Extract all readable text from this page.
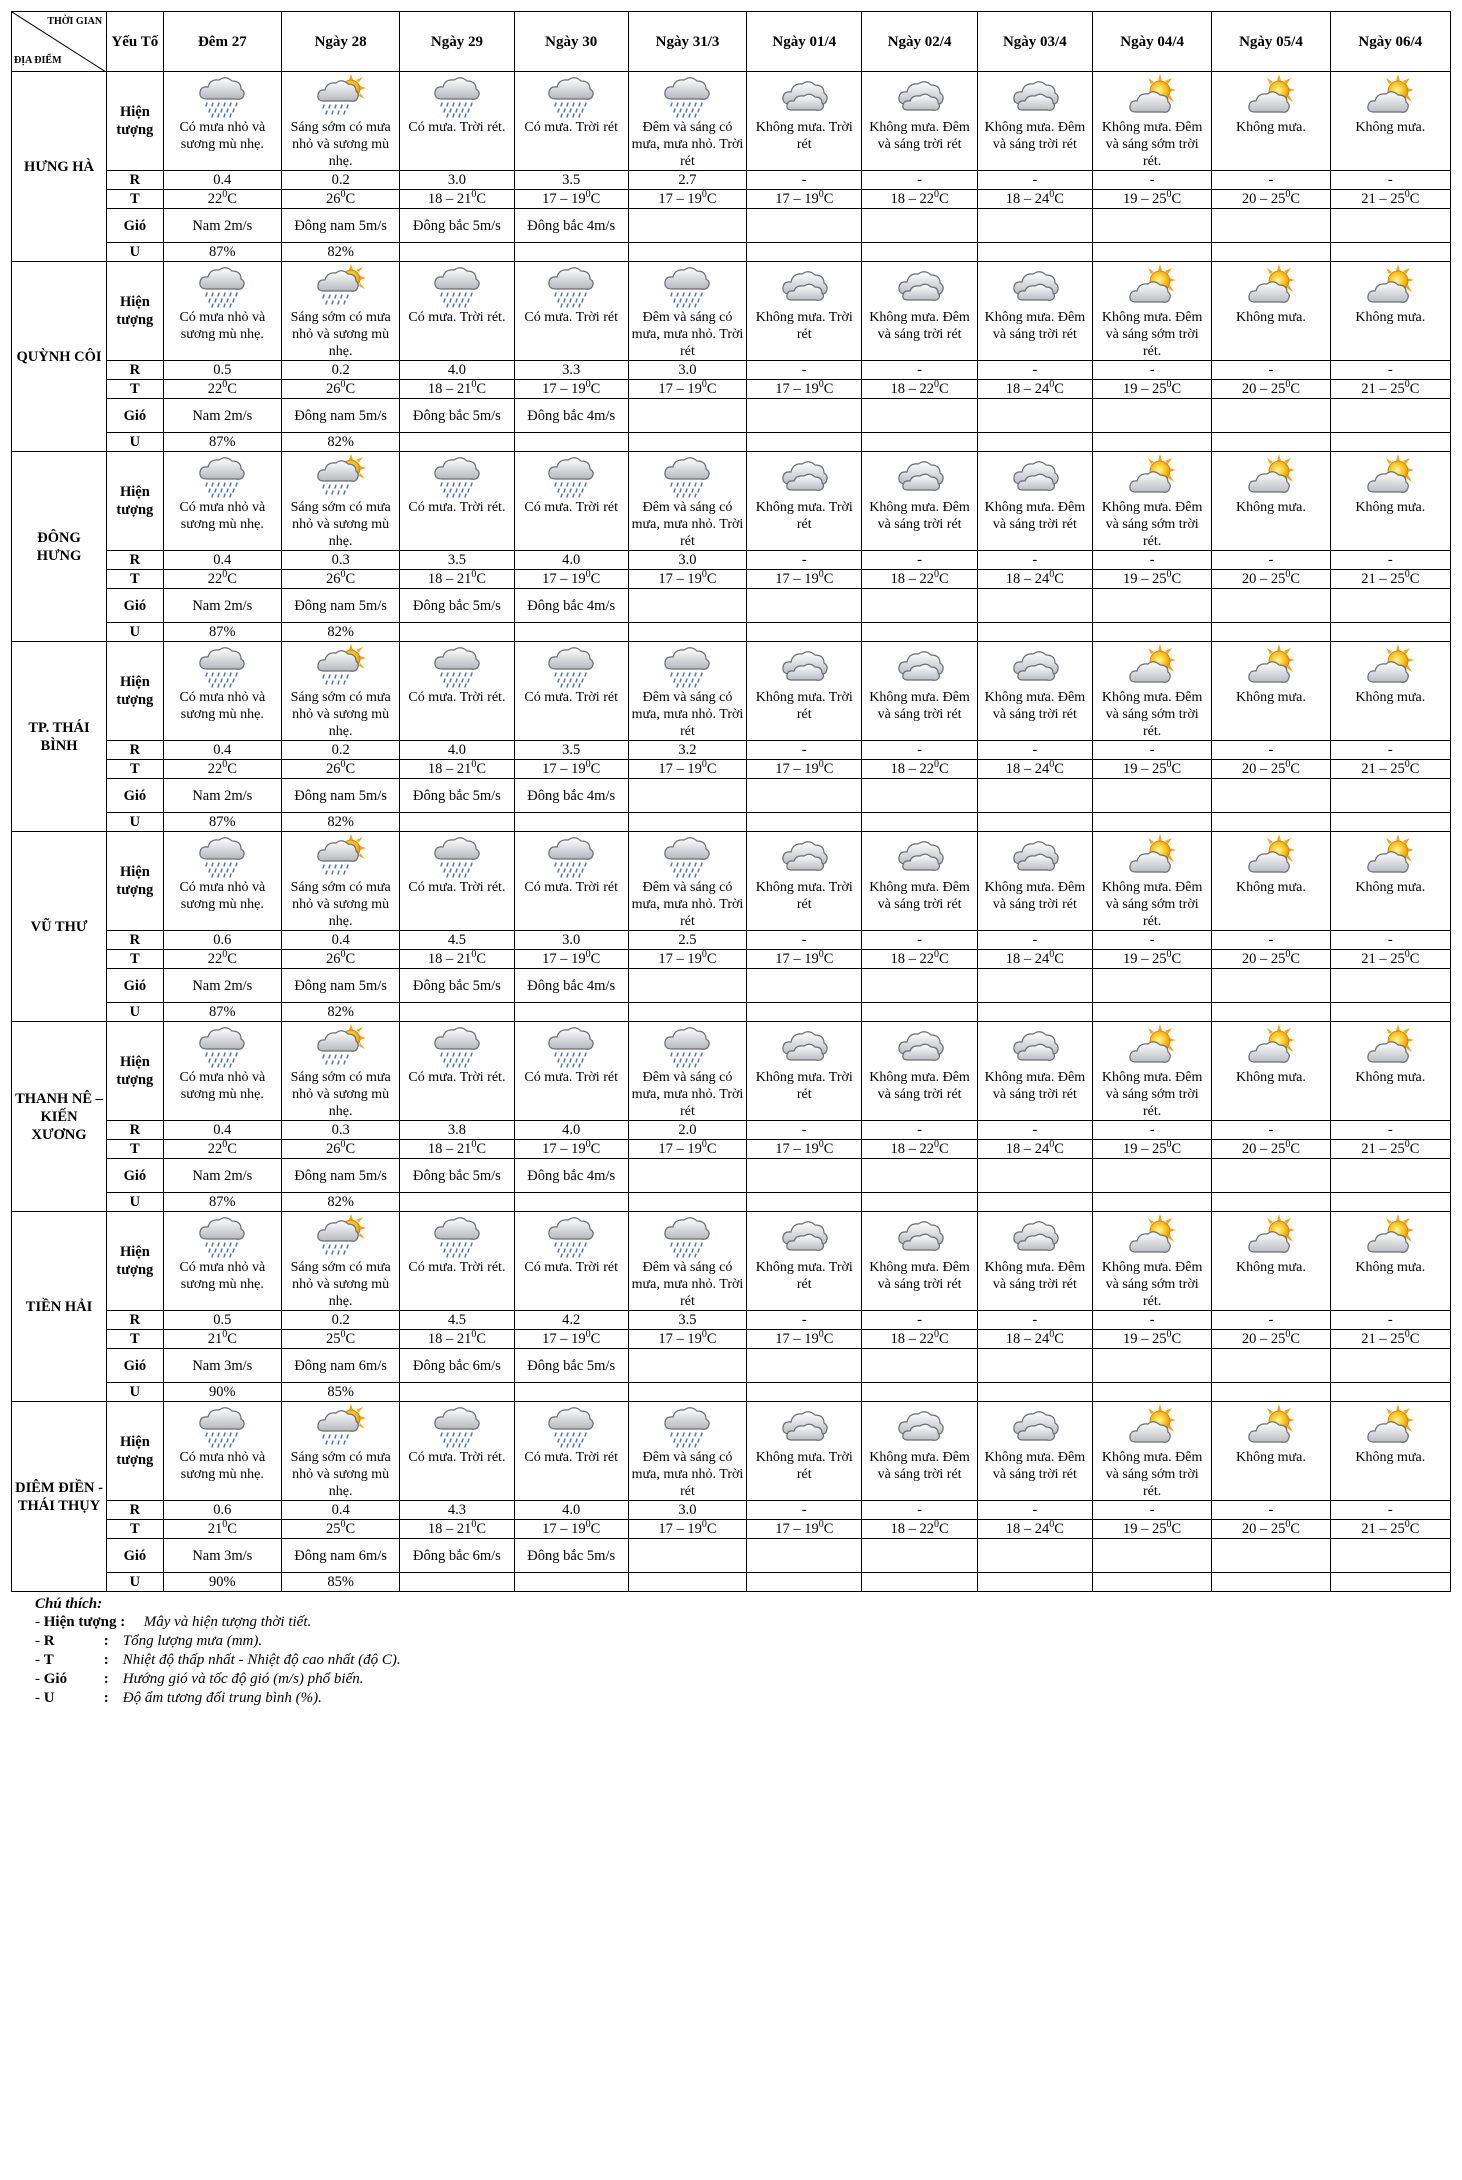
THỜI GIAN
ĐỊA ĐIỂM	Yếu Tố	Đêm 27	Ngày 28	Ngày 29	Ngày 30	Ngày 31/3	Ngày 01/4	Ngày 02/4	Ngày 03/4	Ngày 04/4	Ngày 05/4	Ngày 06/4
HƯNG HÀ	Hiện tượng	Có mưa nhỏ và sương mù nhẹ.	Sáng sớm có mưa nhỏ và sương mù nhẹ.	Có mưa. Trời rét.	Có mưa. Trời rét	Đêm và sáng có mưa, mưa nhỏ. Trời rét	Không mưa. Trời rét	Không mưa. Đêm và sáng trời rét	Không mưa. Đêm và sáng trời rét	Không mưa. Đêm và sáng sớm trời rét.	Không mưa.	Không mưa.

	R	0.4	0.2	3.0	3.5	2.7	-	-	-	-	-	-
	T	$22^0C$	$26^0C$	$18 - 21^0C$	$17 - 19^0C$	$17 - 19^0C$	$17 - 19^0C$	$18 - 22^0C$	$18 - 24^0C$	$19 - 25^0C$	$20 - 25^0C$	$21 - 25^0C$
	Gió	Nam 2m/s	Đông nam 5m/s	Đông bắc 5m/s	Đông bắc 4m/s							
	U	87%	82%									
QUỲNH CÔI	Hiện tượng	Có mưa nhỏ và sương mù nhẹ.	Sáng sớm có mưa nhỏ và sương mù nhẹ.	Có mưa. Trời rét.	Có mưa. Trời rét	Đêm và sáng có mưa, mưa nhỏ. Trời rét	Không mưa. Trời rét	Không mưa. Đêm và sáng trời rét	Không mưa. Đêm và sáng trời rét	Không mưa. Đêm và sáng sớm trời rét.	Không mưa.	Không mưa.

	R	0.5	0.2	4.0	3.3	3.0	-	-	-	-	-	-
	T	$22^0C$	$26^0C$	$18 - 21^0C$	$17 - 19^0C$	$17 - 19^0C$	$17 - 19^0C$	$18 - 22^0C$	$18 - 24^0C$	$19 - 25^0C$	$20 - 25^0C$	$21 - 25^0C$
	Gió	Nam 2m/s	Đông nam 5m/s	Đông bắc 5m/s	Đông bắc 4m/s							
	U	87%	82%									
ĐÔNG HƯNG	Hiện tượng	Có mưa nhỏ và sương mù nhẹ.	Sáng sớm có mưa nhỏ và sương mù nhẹ.	Có mưa. Trời rét.	Có mưa. Trời rét	Đêm và sáng có mưa, mưa nhỏ. Trời rét	Không mưa. Trời rét	Không mưa. Đêm và sáng trời rét	Không mưa. Đêm và sáng trời rét	Không mưa. Đêm và sáng sớm trời rét.	Không mưa.	Không mưa.

	R	0.4	0.3	3.5	4.0	3.0	-	-	-	-	-	-
	T	$22^0C$	$26^0C$	$18 - 21^0C$	$17 - 19^0C$	$17 - 19^0C$	$17 - 19^0C$	$18 - 22^0C$	$18 - 24^0C$	$19 - 25^0C$	$20 - 25^0C$	$21 - 25^0C$
	Gió	Nam 2m/s	Đông nam 5m/s	Đông bắc 5m/s	Đông bắc 4m/s							
	U	87%	82%									
TP. THÁI BÌNH	Hiện tượng	Có mưa nhỏ và sương mù nhẹ.	Sáng sớm có mưa nhỏ và sương mù nhẹ.	Có mưa. Trời rét.	Có mưa. Trời rét	Đêm và sáng có mưa, mưa nhỏ. Trời rét	Không mưa. Trời rét	Không mưa. Đêm và sáng trời rét	Không mưa. Đêm và sáng trời rét	Không mưa. Đêm và sáng sớm trời rét.	Không mưa.	Không mưa.

	R	0.4	0.2	4.0	3.5	3.2	-	-	-	-	-	-
	T	$22^0C$	$26^0C$	$18 - 21^0C$	$17 - 19^0C$	$17 - 19^0C$	$17 - 19^0C$	$18 - 22^0C$	$18 - 24^0C$	$19 - 25^0C$	$20 - 25^0C$	$21 - 25^0C$
	Gió	Nam 2m/s	Đông nam 5m/s	Đông bắc 5m/s	Đông bắc 4m/s							
	U	87%	82%									
VŨ THƯ	Hiện tượng	Có mưa nhỏ và sương mù nhẹ.	Sáng sớm có mưa nhỏ và sương mù nhẹ.	Có mưa. Trời rét.	Có mưa. Trời rét	Đêm và sáng có mưa, mưa nhỏ. Trời rét	Không mưa. Trời rét	Không mưa. Đêm và sáng trời rét	Không mưa. Đêm và sáng trời rét	Không mưa. Đêm và sáng sớm trời rét.	Không mưa.	Không mưa.

	R	0.6	0.4	4.5	3.0	2.5	-	-	-	-	-	-
	T	$22^0C$	$26^0C$	$18 - 21^0C$	$17 - 19^0C$	$17 - 19^0C$	$17 - 19^0C$	$18 - 22^0C$	$18 - 24^0C$	$19 - 25^0C$	$20 - 25^0C$	$21 - 25^0C$
	Gió	Nam 2m/s	Đông nam 5m/s	Đông bắc 5m/s	Đông bắc 4m/s							
	U	87%	82%									
THANH NÊ – KIẾN XƯƠNG	Hiện tượng	Có mưa nhỏ và sương mù nhẹ.	Sáng sớm có mưa nhỏ và sương mù nhẹ.	Có mưa. Trời rét.	Có mưa. Trời rét	Đêm và sáng có mưa, mưa nhỏ. Trời rét	Không mưa. Trời rét	Không mưa. Đêm và sáng trời rét	Không mưa. Đêm và sáng trời rét	Không mưa. Đêm và sáng sớm trời rét.	Không mưa.	Không mưa.

	R	0.4	0.3	3.8	4.0	2.0	-	-	-	-	-	-
	T	$22^0C$	$26^0C$	$18 - 21^0C$	$17 - 19^0C$	$17 - 19^0C$	$17 - 19^0C$	$18 - 22^0C$	$18 - 24^0C$	$19 - 25^0C$	$20 - 25^0C$	$21 - 25^0C$
	Gió	Nam 2m/s	Đông nam 5m/s	Đông bắc 5m/s	Đông bắc 4m/s							
	U	87%	82%									
TIỀN HẢI	Hiện tượng	Có mưa nhỏ và sương mù nhẹ.	Sáng sớm có mưa nhỏ và sương mù nhẹ.	Có mưa. Trời rét.	Có mưa. Trời rét	Đêm và sáng có mưa, mưa nhỏ. Trời rét	Không mưa. Trời rét	Không mưa. Đêm và sáng trời rét	Không mưa. Đêm và sáng trời rét	Không mưa. Đêm và sáng sớm trời rét.	Không mưa.	Không mưa.

	R	0.5	0.2	4.5	4.2	3.5	-	-	-	-	-	-
	T	$21^0C$	$25^0C$	$18 - 21^0C$	$17 - 19^0C$	$17 - 19^0C$	$17 - 19^0C$	$18 - 22^0C$	$18 - 24^0C$	$19 - 25^0C$	$20 - 25^0C$	$21 - 25^0C$
	Gió	Nam 3m/s	Đông nam 6m/s	Đông bắc 6m/s	Đông bắc 5m/s							
	U	90%	85%									
DIÊM ĐIỀN - THÁI THỤY	Hiện tượng	Có mưa nhỏ và sương mù nhẹ.	Sáng sớm có mưa nhỏ và sương mù nhẹ.	Có mưa. Trời rét.	Có mưa. Trời rét	Đêm và sáng có mưa, mưa nhỏ. Trời rét	Không mưa. Trời rét	Không mưa. Đêm và sáng trời rét	Không mưa. Đêm và sáng trời rét	Không mưa. Đêm và sáng sớm trời rét.	Không mưa.	Không mưa.

	R	0.6	0.4	4.3	4.0	3.0	-	-	-	-	-	-
	T	$21^0C$	$25^0C$	$18 - 21^0C$	$17 - 19^0C$	$17 - 19^0C$	$17 - 19^0C$	$18 - 22^0C$	$18 - 24^0C$	$19 - 25^0C$	$20 - 25^0C$	$21 - 25^0C$
	Gió	Nam 3m/s	Đông nam 6m/s	Đông bắc 6m/s	Đông bắc 5m/s							
	U	90%	85%									
Chú thích:
- Hiện tượng : Mây và hiện tượng thời tiết.
- R	: Tổng lượng mưa (mm).
- T	: Nhiệt độ thấp nhất - Nhiệt độ cao nhất (độ C).
- Gió : Hướng gió và tốc độ gió (m/s) phổ biến.
- U	: Độ ẩm tương đối trung bình (%).
